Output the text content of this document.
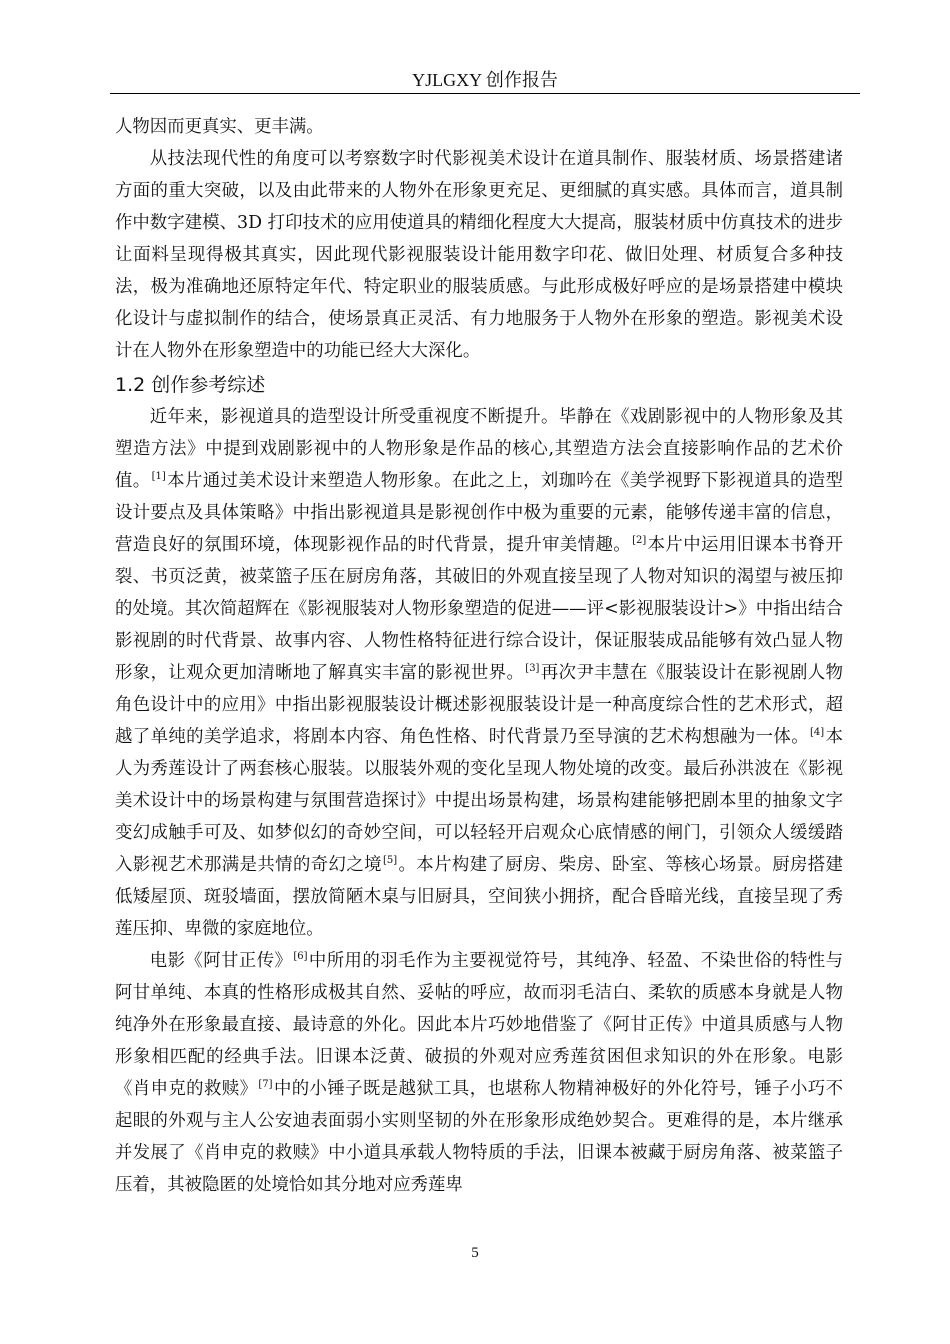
YJLGXY 创作报告

人物因而更真实、更丰满。

从技法现代性的角度可以考察数字时代影视美术设计在道具制作、服装材质、场景搭建诸方面的重大突破，以及由此带来的人物外在形象更充足、更细腻的真实感。具体而言，道具制作中数字建模、3D 打印技术的应用使道具的精细化程度大大提高，服装材质中仿真技术的进步让面料呈现得极其真实，因此现代影视服装设计能用数字印花、做旧处理、材质复合多种技法，极为准确地还原特定年代、特定职业的服装质感。与此形成极好呼应的是场景搭建中模块化设计与虚拟制作的结合，使场景真正灵活、有力地服务于人物外在形象的塑造。影视美术设计在人物外在形象塑造中的功能已经大大深化。

1.2 创作参考综述

近年来，影视道具的造型设计所受重视度不断提升。毕静在《戏剧影视中的人物形象及其塑造方法》中提到戏剧影视中的人物形象是作品的核心,其塑造方法会直接影响作品的艺术价值。[1]本片通过美术设计来塑造人物形象。在此之上，刘珈吟在《美学视野下影视道具的造型设计要点及具体策略》中指出影视道具是影视创作中极为重要的元素，能够传递丰富的信息，营造良好的氛围环境，体现影视作品的时代背景，提升审美情趣。[2]本片中运用旧课本书脊开裂、书页泛黄，被菜篮子压在厨房角落，其破旧的外观直接呈现了人物对知识的渴望与被压抑的处境。其次简超辉在《影视服装对人物形象塑造的促进——评<影视服装设计>》中指出结合影视剧的时代背景、故事内容、人物性格特征进行综合设计，保证服装成品能够有效凸显人物形象，让观众更加清晰地了解真实丰富的影视世界。[3]再次尹丰慧在《服装设计在影视剧人物角色设计中的应用》中指出影视服装设计概述影视服装设计是一种高度综合性的艺术形式，超越了单纯的美学追求，将剧本内容、角色性格、时代背景乃至导演的艺术构想融为一体。[4]本人为秀莲设计了两套核心服装。以服装外观的变化呈现人物处境的改变。最后孙洪波在《影视美术设计中的场景构建与氛围营造探讨》中提出场景构建，场景构建能够把剧本里的抽象文字变幻成触手可及、如梦似幻的奇妙空间，可以轻轻开启观众心底情感的闸门，引领众人缓缓踏入影视艺术那满是共情的奇幻之境[5]。本片构建了厨房、柴房、卧室、等核心场景。厨房搭建低矮屋顶、斑驳墙面，摆放简陋木桌与旧厨具，空间狭小拥挤，配合昏暗光线，直接呈现了秀莲压抑、卑微的家庭地位。

电影《阿甘正传》[6]中所用的羽毛作为主要视觉符号，其纯净、轻盈、不染世俗的特性与阿甘单纯、本真的性格形成极其自然、妥帖的呼应，故而羽毛洁白、柔软的质感本身就是人物纯净外在形象最直接、最诗意的外化。因此本片巧妙地借鉴了《阿甘正传》中道具质感与人物形象相匹配的经典手法。旧课本泛黄、破损的外观对应秀莲贫困但求知识的外在形象。电影《肖申克的救赎》[7]中的小锤子既是越狱工具，也堪称人物精神极好的外化符号，锤子小巧不起眼的外观与主人公安迪表面弱小实则坚韧的外在形象形成绝妙契合。更难得的是，本片继承并发展了《肖申克的救赎》中小道具承载人物特质的手法，旧课本被藏于厨房角落、被菜篮子压着，其被隐匿的处境恰如其分地对应秀莲卑

5
